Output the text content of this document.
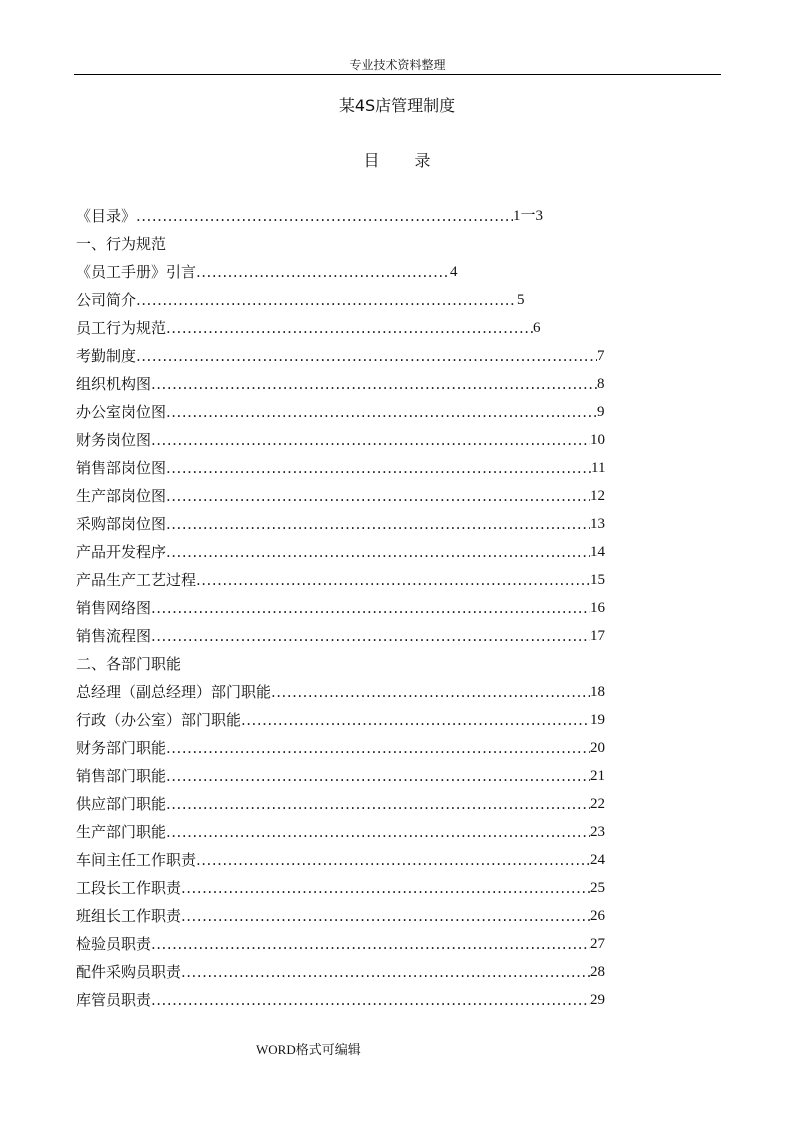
专业技术资料整理
某4S店管理制度
目 录
《目录》 .....	1一3
一、行为规范
《员工手册》引言 .....	4
公司简介 .....	5
员工行为规范 .....	6
考勤制度 .....	7
组织机构图 .....	8
办公室岗位图 .....	9
财务岗位图 .....	10
销售部岗位图 .....	11
生产部岗位图 .....	12
采购部岗位图 .....	13
产品开发程序 .....	14
产品生产工艺过程 .....	15
销售网络图 .....	16
销售流程图 .....	17
二、各部门职能
总经理（副总经理）部门职能 .....	18
行政（办公室）部门职能 .....	19
财务部门职能 .....	20
销售部门职能 .....	21
供应部门职能 .....	22
生产部门职能 .....	23
车间主任工作职责 .....	24
工段长工作职责 .....	25
班组长工作职责 .....	26
检验员职责 .....	27
配件采购员职责 .....	28
库管员职责 .....	29
WORD格式可编辑
